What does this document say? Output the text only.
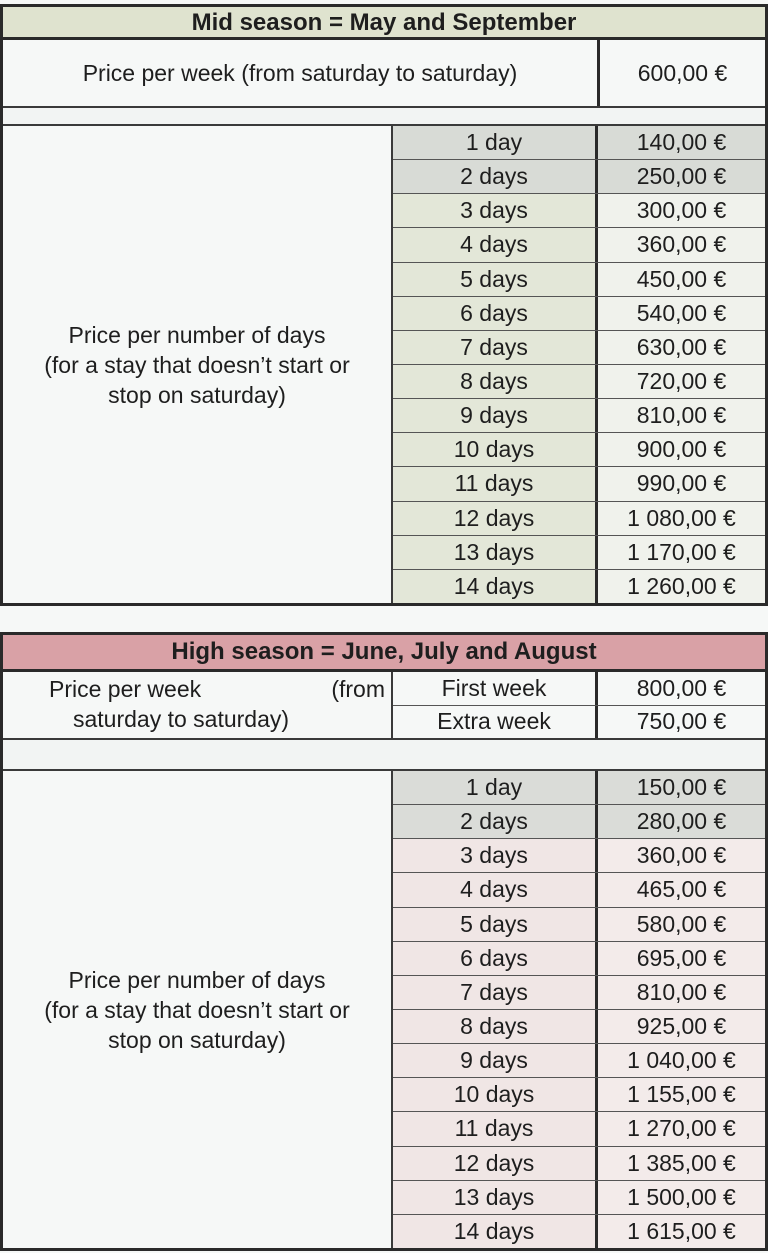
Mid season = May and September
Price per week (from saturday to saturday)	600,00 €
Price per number of days
(for a stay that doesn’t start or
stop on saturday)
1 day	140,00 €
2 days	250,00 €
3 days	300,00 €
4 days	360,00 €
5 days	450,00 €
6 days	540,00 €
7 days	630,00 €
8 days	720,00 €
9 days	810,00 €
10 days	900,00 €
11 days	990,00 €
12 days	1 080,00 €
13 days	1 170,00 €
14 days	1 260,00 €
High season = June, July and August
Price per week	(from
saturday to saturday)
First week	800,00 €
Extra week	750,00 €
Price per number of days
(for a stay that doesn’t start or
stop on saturday)
1 day	150,00 €
2 days	280,00 €
3 days	360,00 €
4 days	465,00 €
5 days	580,00 €
6 days	695,00 €
7 days	810,00 €
8 days	925,00 €
9 days	1 040,00 €
10 days	1 155,00 €
11 days	1 270,00 €
12 days	1 385,00 €
13 days	1 500,00 €
14 days	1 615,00 €
